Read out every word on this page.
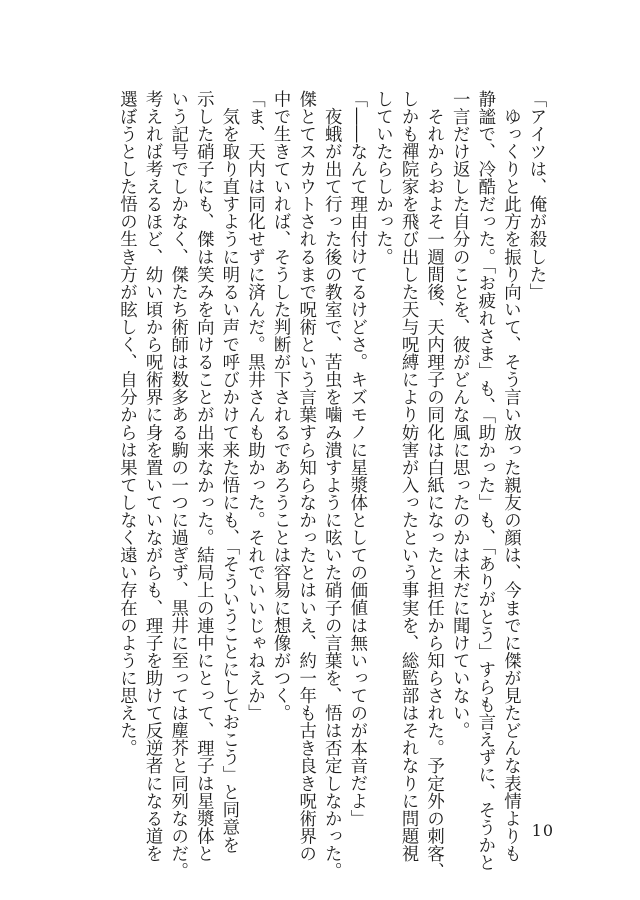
「アイツは、俺が殺した」
　ゆっくりと此方を振り向いて、そう言い放った親友の顔は、今までに傑が見たどんな表情よりも
静謐で、冷酷だった。「お疲れさま」も、「助かった」も、「ありがとう」すらも言えずに、そうかと
一言だけ返した自分のことを、彼がどんな風に思ったのかは未だに聞けていない。
　それからおよそ一週間後、天内理子の同化は白紙になったと担任から知らされた。予定外の刺客、
しかも禪院家を飛び出した天与呪縛により妨害が入ったという事実を、総監部はそれなりに問題視
していたらしかった。
「――なんて理由付けてるけどさ。キズモノに星漿体としての価値は無いってのが本音だよ」
　夜蛾が出て行った後の教室で、苦虫を噛み潰すように呟いた硝子の言葉を、悟は否定しなかった。
傑とてスカウトされるまで呪術という言葉すら知らなかったとはいえ、約一年も古き良き呪術界の
中で生きていれば、そうした判断が下されるであろうことは容易に想像がつく。
「ま、天内は同化せずに済んだ。黒井さんも助かった。それでいいじゃねえか」
　気を取り直すように明るい声で呼びかけて来た悟にも、「そういうことにしておこう」と同意を
示した硝子にも、傑は笑みを向けることが出来なかった。結局上の連中にとって、理子は星漿体と
いう記号でしかなく、傑たち術師は数多ある駒の一つに過ぎず、黒井に至っては塵芥と同列なのだ。
考えれば考えるほど、幼い頃から呪術界に身を置いていながらも、理子を助けて反逆者になる道を
選ぼうとした悟の生き方が眩しく、自分からは果てしなく遠い存在のように思えた。
10
